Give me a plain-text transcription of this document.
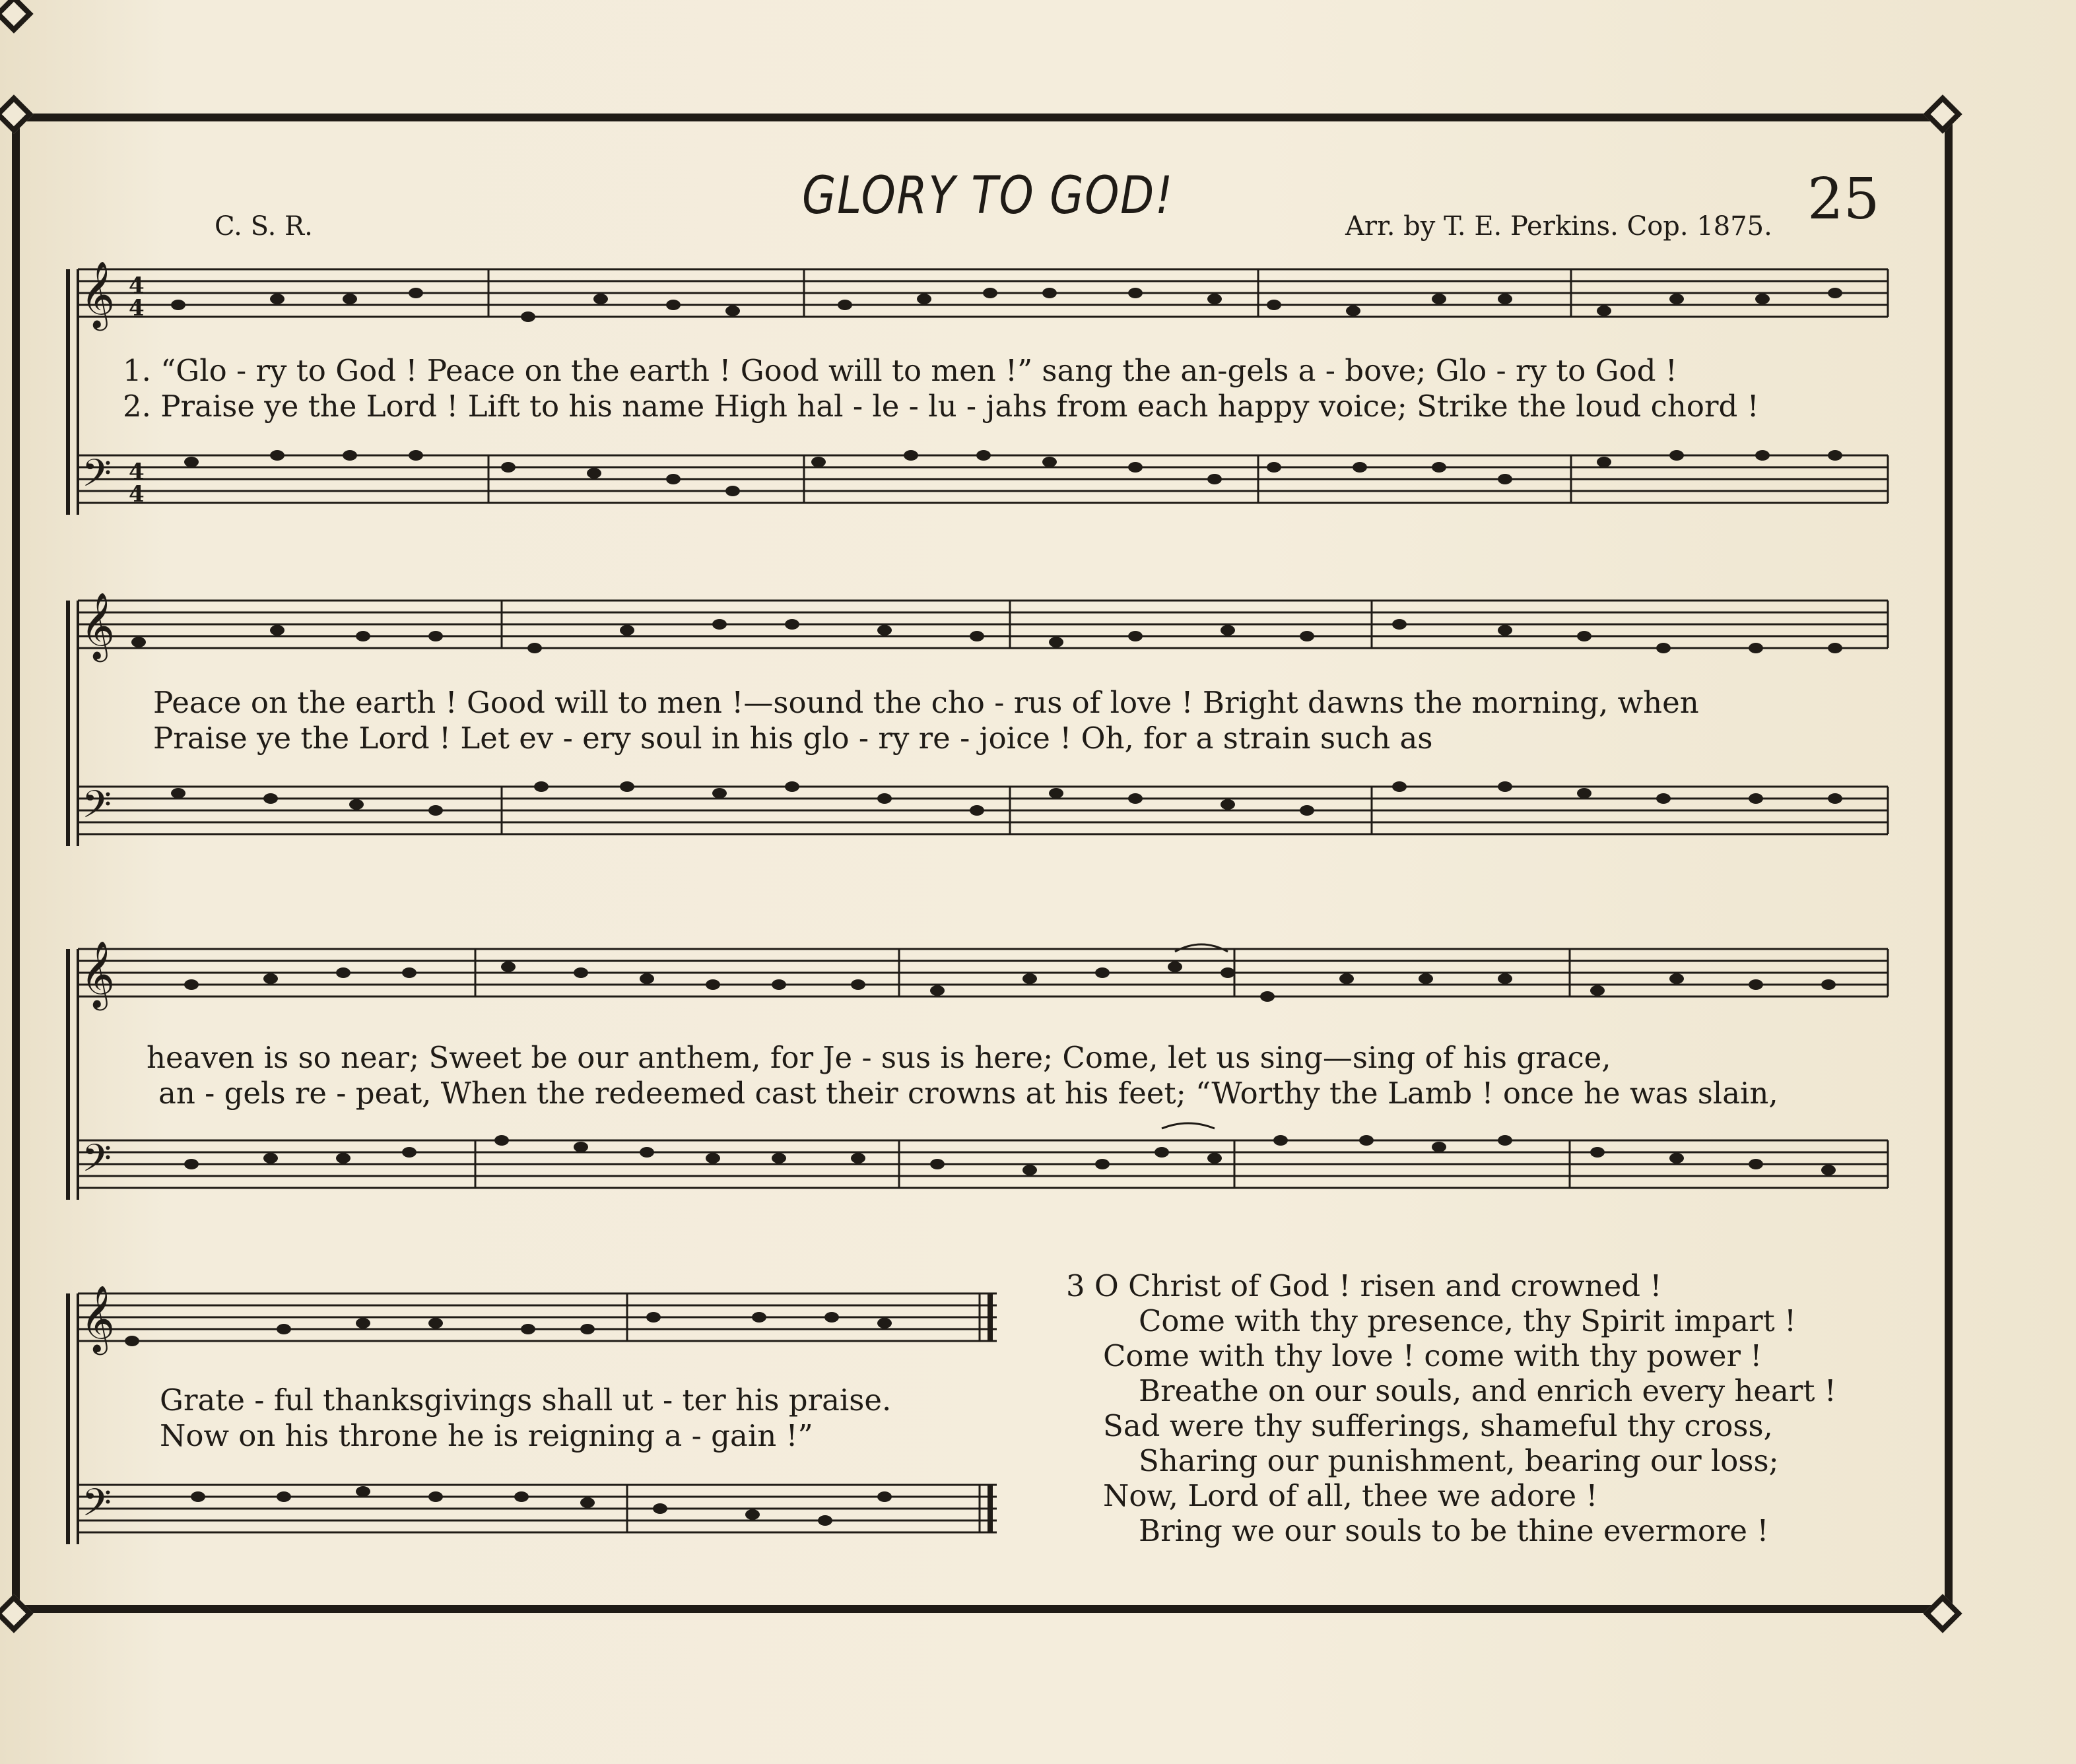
GLORY TO GOD!	25
C. S. R.	Arr. by T. E. Perkins. Cop. 1875.
𝄞
𝄢
4
4
4
4
1. “Glo - ry to God ! Peace on the earth ! Good will to men !” sang the an-gels a - bove; Glo - ry to God !
2. Praise ye the Lord ! Lift to his name High hal - le - lu - jahs from each happy voice; Strike the loud chord !
𝄞
𝄢
Peace on the earth ! Good will to men !—sound the cho - rus of love ! Bright dawns the morning, when
Praise ye the Lord ! Let ev - ery soul in his glo - ry re - joice ! Oh, for a strain such as
𝄞
𝄢
heaven is so near; Sweet be our anthem, for Je - sus is here; Come, let us sing—sing of his grace,
an - gels re - peat, When the redeemed cast their crowns at his feet; “Worthy the Lamb ! once he was slain,
𝄞
𝄢
Grate - ful thanksgivings shall ut - ter his praise.
Now on his throne he is reigning a - gain !”
3 O Christ of God ! risen and crowned !
Come with thy presence, thy Spirit impart !
Come with thy love ! come with thy power !
Breathe on our souls, and enrich every heart !
Sad were thy sufferings, shameful thy cross,
Sharing our punishment, bearing our loss;
Now, Lord of all, thee we adore !
Bring we our souls to be thine evermore !
